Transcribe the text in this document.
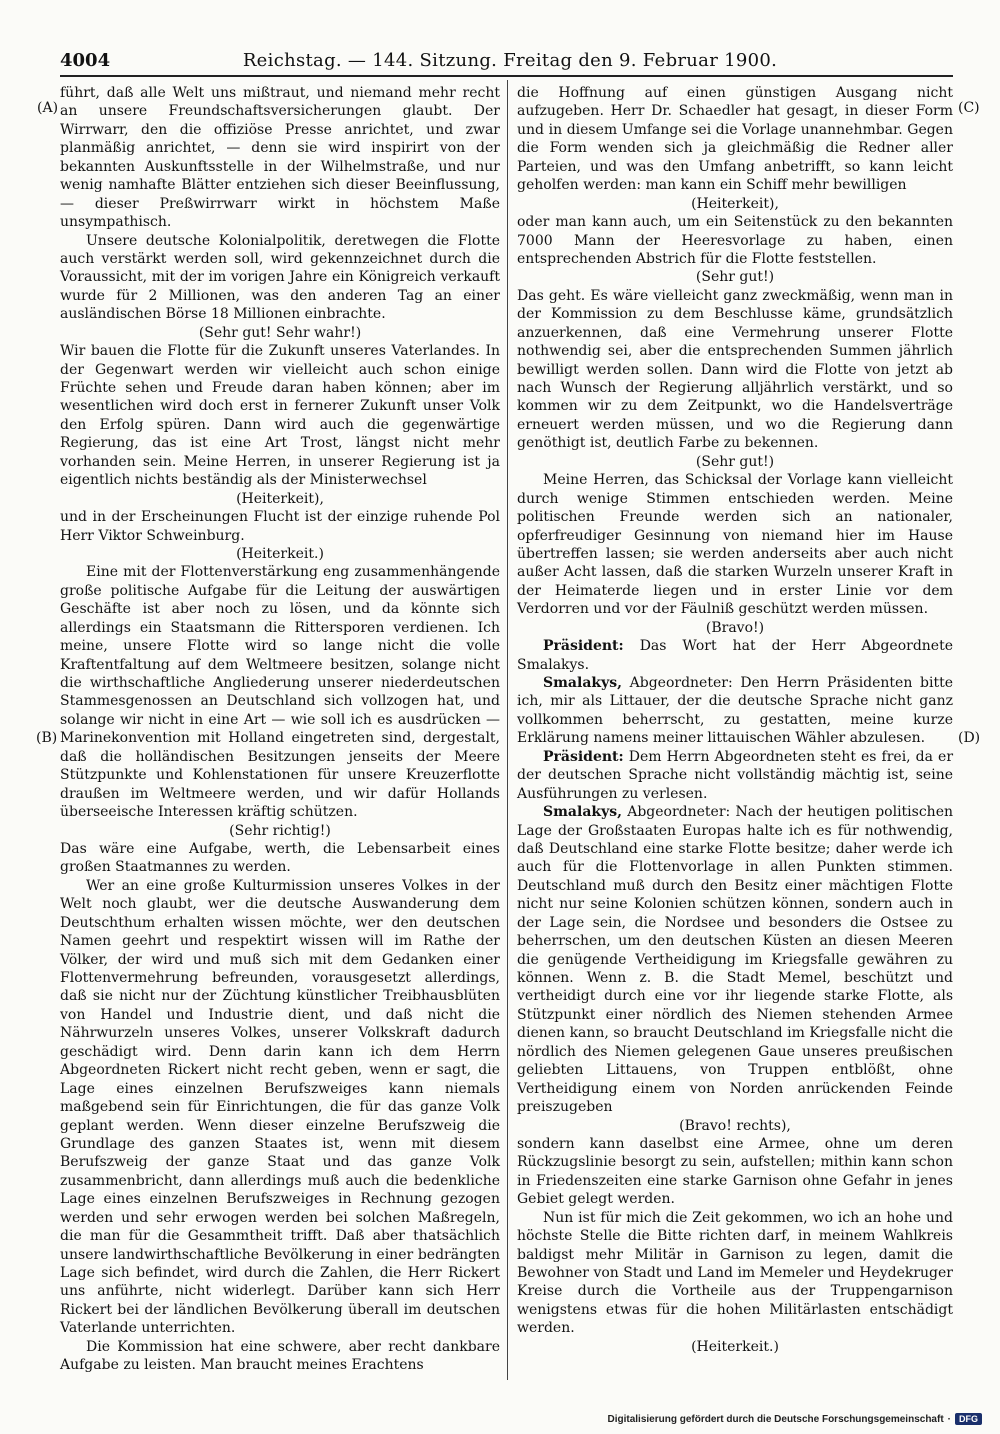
4004	Reichstag. — 144. Sitzung. Freitag den 9. Februar 1900.
(A)
(B)
(C)
(D)

führt, daß alle Welt uns mißtraut, und niemand mehr recht an unsere Freundschaftsversicherungen glaubt. Der Wirrwarr, den die offiziöse Presse anrichtet, und zwar planmäßig anrichtet, — denn sie wird inspirirt von der bekannten Auskunftsstelle in der Wilhelmstraße, und nur wenig namhafte Blätter entziehen sich dieser Beeinflussung, — dieser Preßwirrwarr wirkt in höchstem Maße unsympathisch.

Unsere deutsche Kolonialpolitik, deretwegen die Flotte auch verstärkt werden soll, wird gekennzeichnet durch die Voraussicht, mit der im vorigen Jahre ein Königreich verkauft wurde für 2 Millionen, was den anderen Tag an einer ausländischen Börse 18 Millionen einbrachte.

(Sehr gut! Sehr wahr!)

Wir bauen die Flotte für die Zukunft unseres Vaterlandes. In der Gegenwart werden wir vielleicht auch schon einige Früchte sehen und Freude daran haben können; aber im wesentlichen wird doch erst in fernerer Zukunft unser Volk den Erfolg spüren. Dann wird auch die gegenwärtige Regierung, das ist eine Art Trost, längst nicht mehr vorhanden sein. Meine Herren, in unserer Regierung ist ja eigentlich nichts beständig als der Ministerwechsel

(Heiterkeit),

und in der Erscheinungen Flucht ist der einzige ruhende Pol Herr Viktor Schweinburg.

(Heiterkeit.)

Eine mit der Flottenverstärkung eng zusammenhängende große politische Aufgabe für die Leitung der auswärtigen Geschäfte ist aber noch zu lösen, und da könnte sich allerdings ein Staatsmann die Rittersporen verdienen. Ich meine, unsere Flotte wird so lange nicht die volle Kraftentfaltung auf dem Weltmeere besitzen, solange nicht die wirthschaftliche Angliederung unserer niederdeutschen Stammesgenossen an Deutschland sich vollzogen hat, und solange wir nicht in eine Art — wie soll ich es ausdrücken — Marinekonvention mit Holland eingetreten sind, dergestalt, daß die holländischen Besitzungen jenseits der Meere Stützpunkte und Kohlenstationen für unsere Kreuzerflotte draußen im Weltmeere werden, und wir dafür Hollands überseeische Interessen kräftig schützen.

(Sehr richtig!)

Das wäre eine Aufgabe, werth, die Lebensarbeit eines großen Staatmannes zu werden.

Wer an eine große Kulturmission unseres Volkes in der Welt noch glaubt, wer die deutsche Auswanderung dem Deutschthum erhalten wissen möchte, wer den deutschen Namen geehrt und respektirt wissen will im Rathe der Völker, der wird und muß sich mit dem Gedanken einer Flottenvermehrung befreunden, vorausgesetzt allerdings, daß sie nicht nur der Züchtung künstlicher Treibhausblüten von Handel und Industrie dient, und daß nicht die Nährwurzeln unseres Volkes, unserer Volkskraft dadurch geschädigt wird. Denn darin kann ich dem Herrn Abgeordneten Rickert nicht recht geben, wenn er sagt, die Lage eines einzelnen Berufszweiges kann niemals maßgebend sein für Einrichtungen, die für das ganze Volk geplant werden. Wenn dieser einzelne Berufszweig die Grundlage des ganzen Staates ist, wenn mit diesem Berufszweig der ganze Staat und das ganze Volk zusammenbricht, dann allerdings muß auch die bedenkliche Lage eines einzelnen Berufszweiges in Rechnung gezogen werden und sehr erwogen werden bei solchen Maßregeln, die man für die Gesammtheit trifft. Daß aber thatsächlich unsere landwirthschaftliche Bevölkerung in einer bedrängten Lage sich befindet, wird durch die Zahlen, die Herr Rickert uns anführte, nicht widerlegt. Darüber kann sich Herr Rickert bei der ländlichen Bevölkerung überall im deutschen Vaterlande unterrichten.

Die Kommission hat eine schwere, aber recht dankbare Aufgabe zu leisten. Man braucht meines Erachtens

die Hoffnung auf einen günstigen Ausgang nicht aufzugeben. Herr Dr. Schaedler hat gesagt, in dieser Form und in diesem Umfange sei die Vorlage unannehmbar. Gegen die Form wenden sich ja gleichmäßig die Redner aller Parteien, und was den Umfang anbetrifft, so kann leicht geholfen werden: man kann ein Schiff mehr bewilligen

(Heiterkeit),

oder man kann auch, um ein Seitenstück zu den bekannten 7000 Mann der Heeresvorlage zu haben, einen entsprechenden Abstrich für die Flotte feststellen.

(Sehr gut!)

Das geht. Es wäre vielleicht ganz zweckmäßig, wenn man in der Kommission zu dem Beschlusse käme, grundsätzlich anzuerkennen, daß eine Vermehrung unserer Flotte nothwendig sei, aber die entsprechenden Summen jährlich bewilligt werden sollen. Dann wird die Flotte von jetzt ab nach Wunsch der Regierung alljährlich verstärkt, und so kommen wir zu dem Zeitpunkt, wo die Handelsverträge erneuert werden müssen, und wo die Regierung dann genöthigt ist, deutlich Farbe zu bekennen.

(Sehr gut!)

Meine Herren, das Schicksal der Vorlage kann vielleicht durch wenige Stimmen entschieden werden. Meine politischen Freunde werden sich an nationaler, opferfreudiger Gesinnung von niemand hier im Hause übertreffen lassen; sie werden anderseits aber auch nicht außer Acht lassen, daß die starken Wurzeln unserer Kraft in der Heimaterde liegen und in erster Linie vor dem Verdorren und vor der Fäulniß geschützt werden müssen.

(Bravo!)

Präsident: Das Wort hat der Herr Abgeordnete Smalakys.

Smalakys, Abgeordneter: Den Herrn Präsidenten bitte ich, mir als Littauer, der die deutsche Sprache nicht ganz vollkommen beherrscht, zu gestatten, meine kurze Erklärung namens meiner littauischen Wähler abzulesen.

Präsident: Dem Herrn Abgeordneten steht es frei, da er der deutschen Sprache nicht vollständig mächtig ist, seine Ausführungen zu verlesen.

Smalakys, Abgeordneter: Nach der heutigen politischen Lage der Großstaaten Europas halte ich es für nothwendig, daß Deutschland eine starke Flotte besitze; daher werde ich auch für die Flottenvorlage in allen Punkten stimmen. Deutschland muß durch den Besitz einer mächtigen Flotte nicht nur seine Kolonien schützen können, sondern auch in der Lage sein, die Nordsee und besonders die Ostsee zu beherrschen, um den deutschen Küsten an diesen Meeren die genügende Vertheidigung im Kriegsfalle gewähren zu können. Wenn z. B. die Stadt Memel, beschützt und vertheidigt durch eine vor ihr liegende starke Flotte, als Stützpunkt einer nördlich des Niemen stehenden Armee dienen kann, so braucht Deutschland im Kriegsfalle nicht die nördlich des Niemen gelegenen Gaue unseres preußischen geliebten Littauens, von Truppen entblößt, ohne Vertheidigung einem von Norden anrückenden Feinde preiszugeben

(Bravo! rechts),

sondern kann daselbst eine Armee, ohne um deren Rückzugslinie besorgt zu sein, aufstellen; mithin kann schon in Friedenszeiten eine starke Garnison ohne Gefahr in jenes Gebiet gelegt werden.

Nun ist für mich die Zeit gekommen, wo ich an hohe und höchste Stelle die Bitte richten darf, in meinem Wahlkreis baldigst mehr Militär in Garnison zu legen, damit die Bewohner von Stadt und Land im Memeler und Heydekruger Kreise durch die Vortheile aus der Truppengarnison wenigstens etwas für die hohen Militärlasten entschädigt werden.

(Heiterkeit.)

Digitalisierung gefördert durch die Deutsche Forschungsgemeinschaft · DFG
